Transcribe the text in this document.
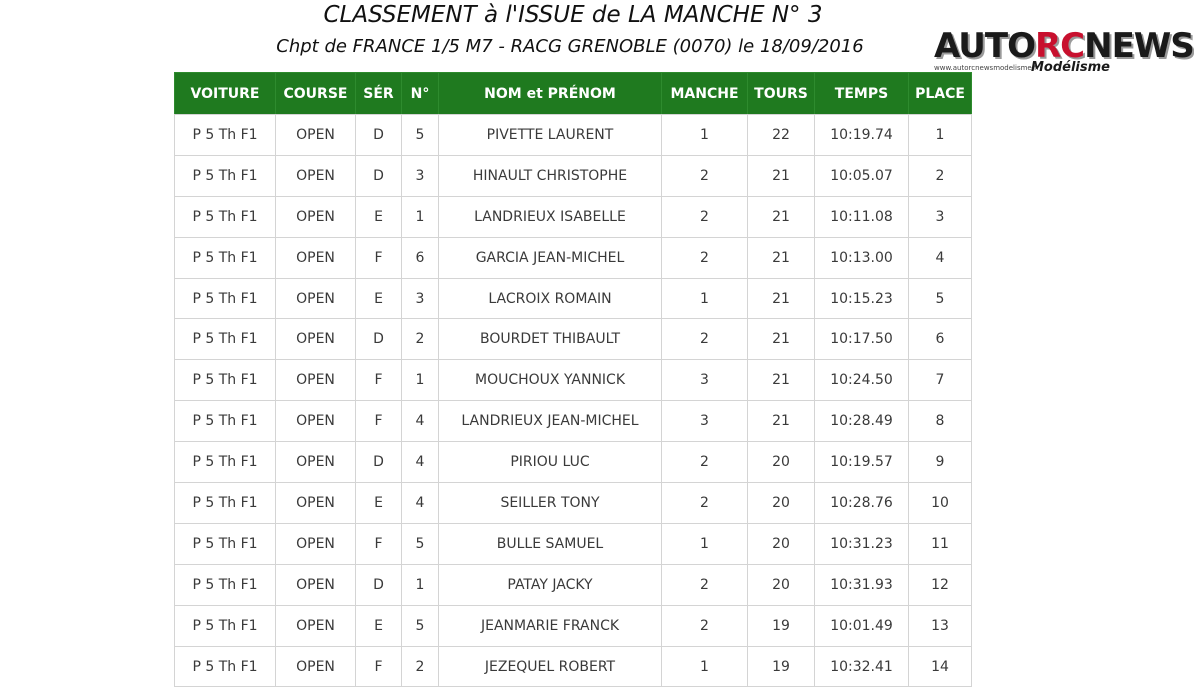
CLASSEMENT à l'ISSUE de LA MANCHE N° 3
Chpt de FRANCE 1/5 M7 - RACG GRENOBLE (0070) le 18/09/2016	AUTORCNEWS
www.autorcnewsmodelisme.fr
Modélisme
VOITURE	COURSE	SÉR	N°	NOM et PRÉNOM	MANCHE	TOURS	TEMPS	PLACE
P 5 Th F1	OPEN	D	5	PIVETTE LAURENT	1	22	10:19.74	1
P 5 Th F1	OPEN	D	3	HINAULT CHRISTOPHE	2	21	10:05.07	2
P 5 Th F1	OPEN	E	1	LANDRIEUX ISABELLE	2	21	10:11.08	3
P 5 Th F1	OPEN	F	6	GARCIA JEAN-MICHEL	2	21	10:13.00	4
P 5 Th F1	OPEN	E	3	LACROIX ROMAIN	1	21	10:15.23	5
P 5 Th F1	OPEN	D	2	BOURDET THIBAULT	2	21	10:17.50	6
P 5 Th F1	OPEN	F	1	MOUCHOUX YANNICK	3	21	10:24.50	7
P 5 Th F1	OPEN	F	4	LANDRIEUX JEAN-MICHEL	3	21	10:28.49	8
P 5 Th F1	OPEN	D	4	PIRIOU LUC	2	20	10:19.57	9
P 5 Th F1	OPEN	E	4	SEILLER TONY	2	20	10:28.76	10
P 5 Th F1	OPEN	F	5	BULLE SAMUEL	1	20	10:31.23	11
P 5 Th F1	OPEN	D	1	PATAY JACKY	2	20	10:31.93	12
P 5 Th F1	OPEN	E	5	JEANMARIE FRANCK	2	19	10:01.49	13
P 5 Th F1	OPEN	F	2	JEZEQUEL ROBERT	1	19	10:32.41	14
